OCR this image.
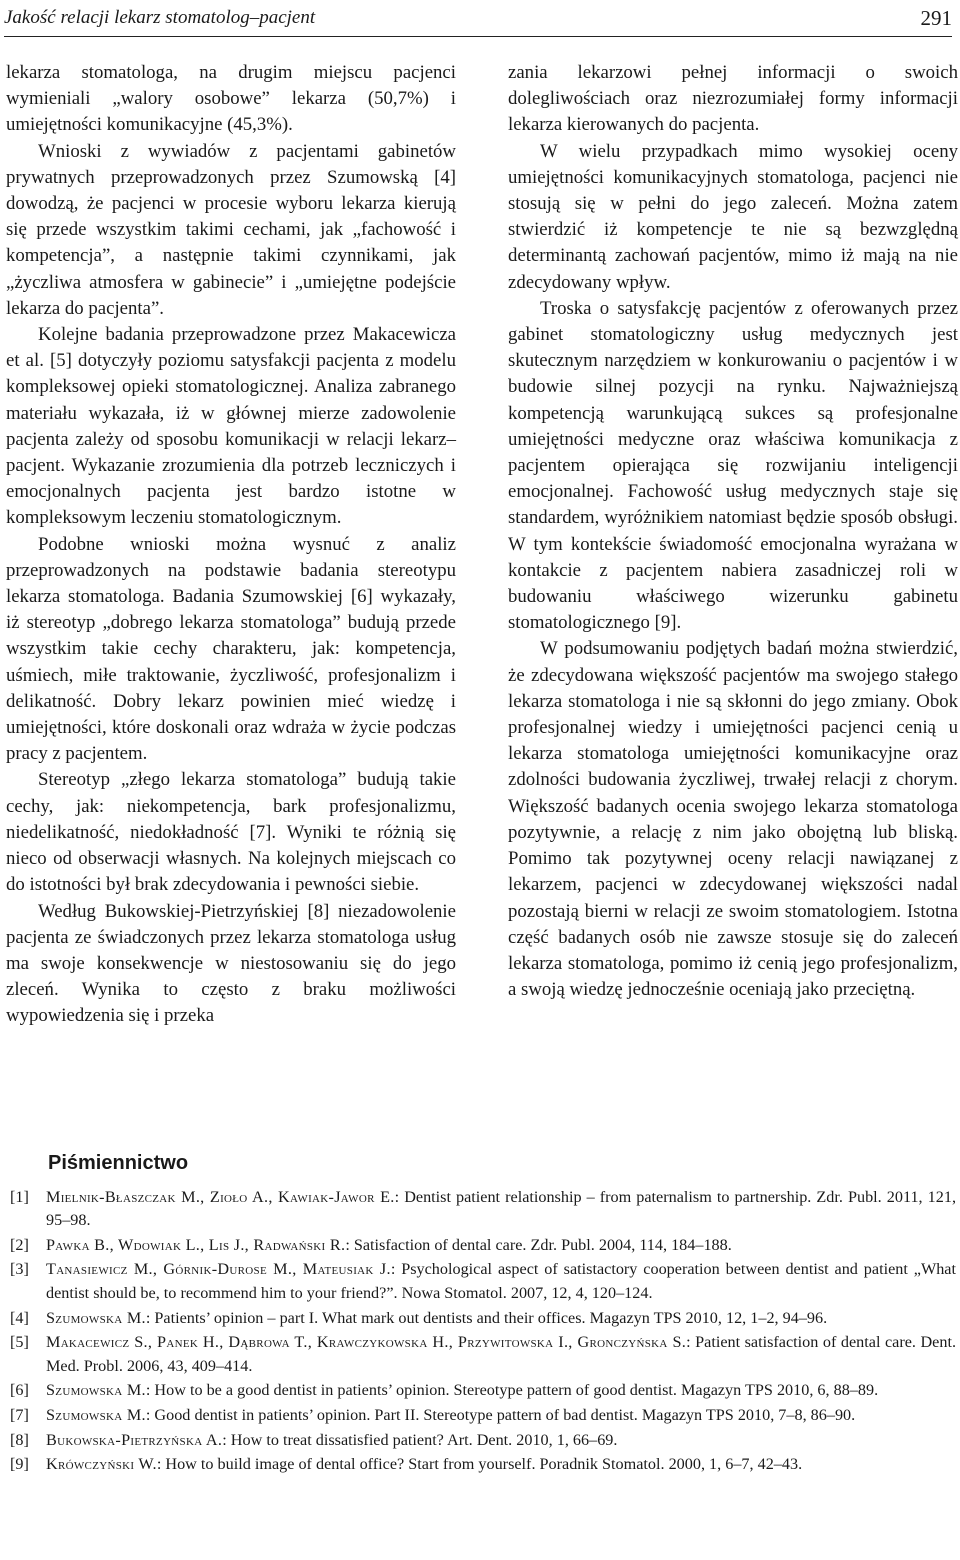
Jakość relacji lekarz stomatolog–pacjent	291

lekarza stomatologa, na drugim miejscu pacjenci wymieniali „walory osobowe” lekarza (50,7%) i umiejętności komunikacyjne (45,3%).

Wnioski z wywiadów z pacjentami gabinetów prywatnych przeprowadzonych przez Szumowską [4] dowodzą, że pacjenci w procesie wyboru lekarza kierują się przede wszystkim takimi cechami, jak „fachowość i kompetencja”, a następnie takimi czynnikami, jak „życzliwa atmosfera w gabinecie” i „umiejętne podejście lekarza do pacjenta”.

Kolejne badania przeprowadzone przez Makacewicza et al. [5] dotyczyły poziomu satysfakcji pacjenta z modelu kompleksowej opieki stomatologicznej. Analiza zabranego materiału wykazała, iż w głównej mierze zadowolenie pacjenta zależy od sposobu komunikacji w relacji lekarz–pacjent. Wykazanie zrozumienia dla potrzeb leczniczych i emocjonalnych pacjenta jest bardzo istotne w kompleksowym leczeniu stomatologicznym.

Podobne wnioski można wysnuć z analiz przeprowadzonych na podstawie badania stereotypu lekarza stomatologa. Badania Szumowskiej [6] wykazały, iż stereotyp „dobrego lekarza stomatologa” budują przede wszystkim takie cechy charakteru, jak: kompetencja, uśmiech, miłe traktowanie, życzliwość, profesjonalizm i delikatność. Dobry lekarz powinien mieć wiedzę i umiejętności, które doskonali oraz wdraża w życie podczas pracy z pacjentem.

Stereotyp „złego lekarza stomatologa” budują takie cechy, jak: niekompetencja, bark profesjonalizmu, niedelikatność, niedokładność [7]. Wyniki te różnią się nieco od obserwacji własnych. Na kolejnych miejscach co do istotności był brak zdecydowania i pewności siebie.

Według Bukowskiej-Pietrzyńskiej [8] niezadowolenie pacjenta ze świadczonych przez lekarza stomatologa usług ma swoje konsekwencje w niestosowaniu się do jego zleceń. Wynika to często z braku możliwości wypowiedzenia się i przeka

zania lekarzowi pełnej informacji o swoich dolegliwościach oraz niezrozumiałej formy informacji lekarza kierowanych do pacjenta.

W wielu przypadkach mimo wysokiej oceny umiejętności komunikacyjnych stomatologa, pacjenci nie stosują się w pełni do jego zaleceń. Można zatem stwierdzić iż kompetencje te nie są bezwzględną determinantą zachowań pacjentów, mimo iż mają na nie zdecydowany wpływ.

Troska o satysfakcję pacjentów z oferowanych przez gabinet stomatologiczny usług medycznych jest skutecznym narzędziem w konkurowaniu o pacjentów i w budowie silnej pozycji na rynku. Najważniejszą kompetencją warunkującą sukces są profesjonalne umiejętności medyczne oraz właściwa komunikacja z pacjentem opierająca się rozwijaniu inteligencji emocjonalnej. Fachowość usług medycznych staje się standardem, wyróżnikiem natomiast będzie sposób obsługi. W tym kontekście świadomość emocjonalna wyrażana w kontakcie z pacjentem nabiera zasadniczej roli w budowaniu właściwego wizerunku gabinetu stomatologicznego [9].

W podsumowaniu podjętych badań można stwierdzić, że zdecydowana większość pacjentów ma swojego stałego lekarza stomatologa i nie są skłonni do jego zmiany. Obok profesjonalnej wiedzy i umiejętności pacjenci cenią u lekarza stomatologa umiejętności komunikacyjne oraz zdolności budowania życzliwej, trwałej relacji z chorym. Większość badanych ocenia swojego lekarza stomatologa pozytywnie, a relację z nim jako obojętną lub bliską. Pomimo tak pozytywnej oceny relacji nawiązanej z lekarzem, pacjenci w zdecydowanej większości nadal pozostają bierni w relacji ze swoim stomatologiem. Istotna część badanych osób nie zawsze stosuje się do zaleceń lekarza stomatologa, pomimo iż cenią jego profesjonalizm, a swoją wiedzę jednocześnie oceniają jako przeciętną.

Piśmiennictwo
[1]	Mielnik-Błaszczak M., Zioło A., Kawiak-Jawor E.: Dentist patient relationship – from paternalism to partnership. Zdr. Publ. 2011, 121, 95–98.
[2]	Pawka B., Wdowiak L., Lis J., Radwański R.: Satisfaction of dental care. Zdr. Publ. 2004, 114, 184–188.
[3]	Tanasiewicz M., Górnik-Durose M., Mateusiak J.: Psychological aspect of satistactory cooperation between dentist and patient „What dentist should be, to recommend him to your friend?”. Nowa Stomatol. 2007, 12, 4, 120–124.
[4]	Szumowska M.: Patients’ opinion – part I. What mark out dentists and their offices. Magazyn TPS 2010, 12, 1–2, 94–96.
[5]	Makacewicz S., Panek H., Dąbrowa T., Krawczykowska H., Przywitowska I., Gronczyńska S.: Patient satisfaction of dental care. Dent. Med. Probl. 2006, 43, 409–414.
[6]	Szumowska M.: How to be a good dentist in patients’ opinion. Stereotype pattern of good dentist. Magazyn TPS 2010, 6, 88–89.
[7]	Szumowska M.: Good dentist in patients’ opinion. Part II. Stereotype pattern of bad dentist. Magazyn TPS 2010, 7–8, 86–90.
[8]	Bukowska-Pietrzyńska A.: How to treat dissatisfied patient? Art. Dent. 2010, 1, 66–69.
[9]	Krówczyński W.: How to build image of dental office? Start from yourself. Poradnik Stomatol. 2000, 1, 6–7, 42–43.
